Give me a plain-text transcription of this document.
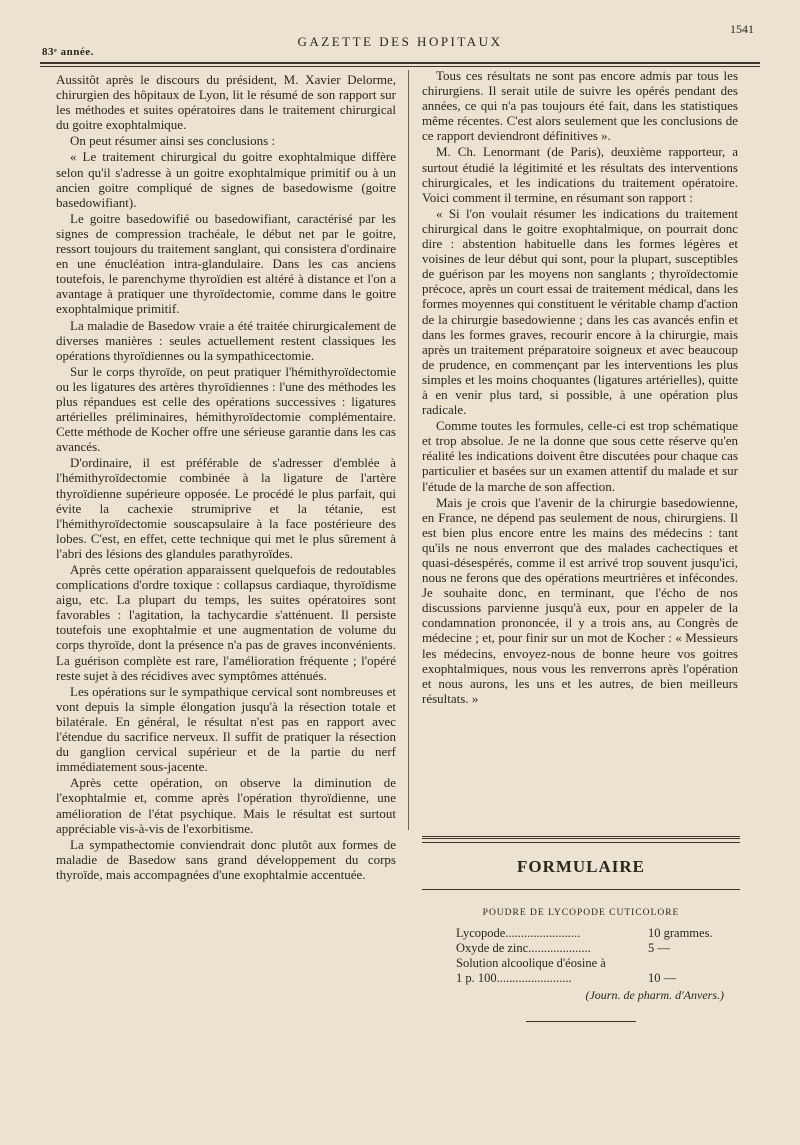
83ᵉ année.
GAZETTE DES HOPITAUX
1541

Aussitôt après le discours du président, M. Xavier Delorme, chirurgien des hôpitaux de Lyon, lit le résumé de son rapport sur les méthodes et suites opératoires dans le traitement chirurgical du goitre exophtalmique.

On peut résumer ainsi ses conclusions :

« Le traitement chirurgical du goitre exophtalmique diffère selon qu'il s'adresse à un goitre exophtalmique primitif ou à un ancien goitre compliqué de signes de basedowisme (goitre basedowifiant).

Le goitre basedowifié ou basedowifiant, caractérisé par les signes de compression trachéale, le début net par le goitre, ressort toujours du traitement sanglant, qui consistera d'ordinaire en une énucléation intra-glandulaire. Dans les cas anciens toutefois, le parenchyme thyroïdien est altéré à distance et l'on a avantage à pratiquer une thyroïdectomie, comme dans le goitre exophtalmique primitif.

La maladie de Basedow vraie a été traitée chirurgicalement de diverses manières : seules actuellement restent classiques les opérations thyroïdiennes ou la sympathicectomie.

Sur le corps thyroïde, on peut pratiquer l'hémithyroïdectomie ou les ligatures des artères thyroïdiennes : l'une des méthodes les plus répandues est celle des opérations successives : ligatures artérielles préliminaires, hémithyroïdectomie complémentaire. Cette méthode de Kocher offre une sérieuse garantie dans les cas avancés.

D'ordinaire, il est préférable de s'adresser d'emblée à l'hémithyroïdectomie combinée à la ligature de l'artère thyroïdienne supérieure opposée. Le procédé le plus parfait, qui évite la cachexie strumiprive et la tétanie, est l'hémithyroïdectomie souscapsulaire à la face postérieure des lobes. C'est, en effet, cette technique qui met le plus sûrement à l'abri des lésions des glandules parathyroïdes.

Après cette opération apparaissent quelquefois de redoutables complications d'ordre toxique : collapsus cardiaque, thyroïdisme aigu, etc. La plupart du temps, les suites opératoires sont favorables : l'agitation, la tachycardie s'atténuent. Il persiste toutefois une exophtalmie et une augmentation de volume du corps thyroïde, dont la présence n'a pas de graves inconvénients. La guérison complète est rare, l'amélioration fréquente ; l'opéré reste sujet à des récidives avec symptômes atténués.

Les opérations sur le sympathique cervical sont nombreuses et vont depuis la simple élongation jusqu'à la résection totale et bilatérale. En général, le résultat n'est pas en rapport avec l'étendue du sacrifice nerveux. Il suffit de pratiquer la résection du ganglion cervical supérieur et de la partie du nerf immédiatement sous-jacente.

Après cette opération, on observe la diminution de l'exophtalmie et, comme après l'opération thyroïdienne, une amélioration de l'état psychique. Mais le résultat est surtout appréciable vis-à-vis de l'exorbitisme.

La sympathectomie conviendrait donc plutôt aux formes de maladie de Basedow sans grand développement du corps thyroïde, mais accompagnées d'une exophtalmie accentuée.

Tous ces résultats ne sont pas encore admis par tous les chirurgiens. Il serait utile de suivre les opérés pendant des années, ce qui n'a pas toujours été fait, dans les statistiques même récentes. C'est alors seulement que les conclusions de ce rapport deviendront définitives ».

M. Ch. Lenormant (de Paris), deuxième rapporteur, a surtout étudié la légitimité et les résultats des interventions chirurgicales, et les indications du traitement opératoire. Voici comment il termine, en résumant son rapport :

« Si l'on voulait résumer les indications du traitement chirurgical dans le goitre exophtalmique, on pourrait donc dire : abstention habituelle dans les formes légères et voisines de leur début qui sont, pour la plupart, susceptibles de guérison par les moyens non sanglants ; thyroïdectomie précoce, après un court essai de traitement médical, dans les formes moyennes qui constituent le véritable champ d'action de la chirurgie basedowienne ; dans les cas avancés enfin et dans les formes graves, recourir encore à la chirurgie, mais après un traitement préparatoire soigneux et avec beaucoup de prudence, en commençant par les interventions les plus simples et les moins choquantes (ligatures artérielles), quitte à en venir plus tard, si possible, à une opération plus radicale.

Comme toutes les formules, celle-ci est trop schématique et trop absolue. Je ne la donne que sous cette réserve qu'en réalité les indications doivent être discutées pour chaque cas particulier et basées sur un examen attentif du malade et sur l'étude de la marche de son affection.

Mais je crois que l'avenir de la chirurgie basedowienne, en France, ne dépend pas seulement de nous, chirurgiens. Il est bien plus encore entre les mains des médecins : tant qu'ils ne nous enverront que des malades cachectiques et quasi-désespérés, comme il est arrivé trop souvent jusqu'ici, nous ne ferons que des opérations meurtrières et infécondes. Je souhaite donc, en terminant, que l'écho de nos discussions parvienne jusqu'à eux, pour en appeler de la condamnation prononcée, il y a trois ans, au Congrès de médecine ; et, pour finir sur un mot de Kocher : « Messieurs les médecins, envoyez-nous de bonne heure vos goitres exophtalmiques, nous vous les renverrons après l'opération et nous aurons, les uns et les autres, de bien meilleurs résultats. »

FORMULAIRE
POUDRE DE LYCOPODE CUTICOLORE
Lycopode........................	10 grammes.
Oxyde de zinc....................	5 —
Solution alcoolique d'éosine à
1 p. 100........................	10 —
(Journ. de pharm. d'Anvers.)
